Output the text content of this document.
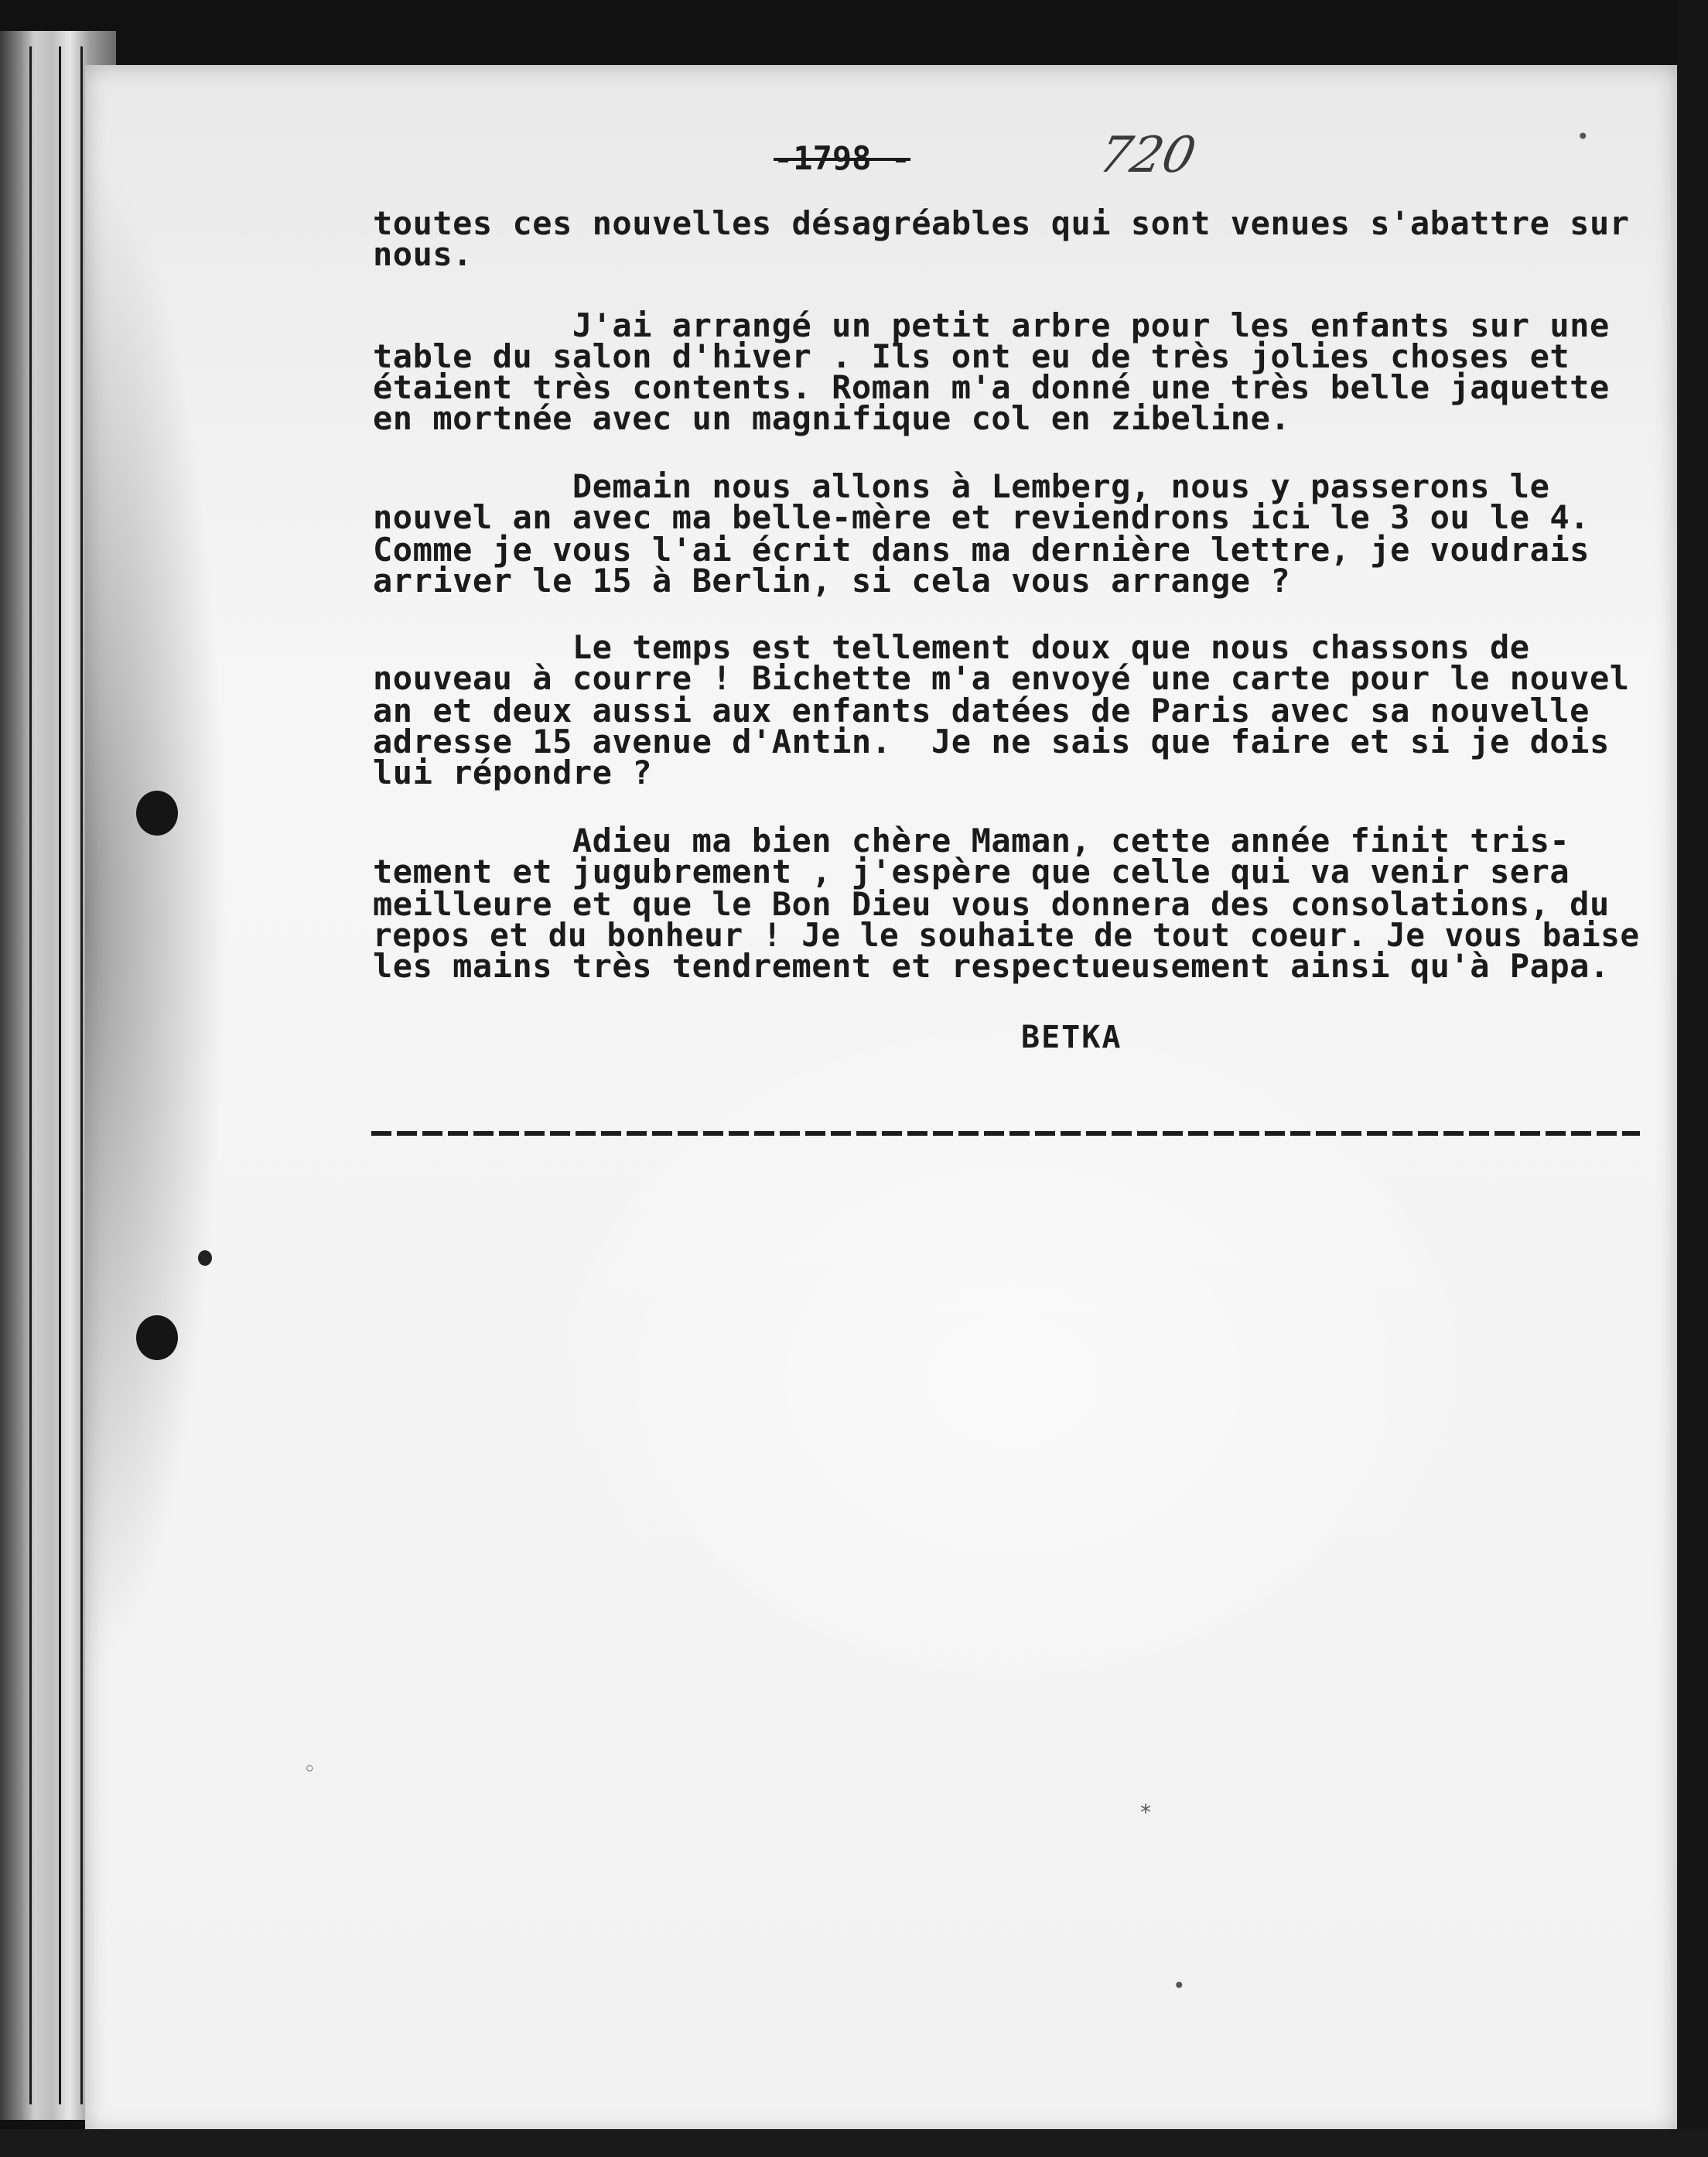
•
◦
*
•
-1798 -	720
toutes ces nouvelles désagréables qui sont venues s'abattre sur
nous.
J'ai arrangé un petit arbre pour les enfants sur une
table du salon d'hiver . Ils ont eu de très jolies choses et
étaient très contents. Roman m'a donné une très belle jaquette
en mortnée avec un magnifique col en zibeline.
Demain nous allons à Lemberg, nous y passerons le
nouvel an avec ma belle-mère et reviendrons ici le 3 ou le 4.
Comme je vous l'ai écrit dans ma dernière lettre, je voudrais
arriver le 15 à Berlin, si cela vous arrange ?
Le temps est tellement doux que nous chassons de
nouveau à courre ! Bichette m'a envoyé une carte pour le nouvel
an et deux aussi aux enfants datées de Paris avec sa nouvelle
adresse 15 avenue d'Antin.  Je ne sais que faire et si je dois
lui répondre ?
Adieu ma bien chère Maman, cette année finit tris-
tement et jugubrement , j'espère que celle qui va venir sera
meilleure et que le Bon Dieu vous donnera des consolations, du
repos et du bonheur ! Je le souhaite de tout coeur. Je vous baise
les mains très tendrement et respectueusement ainsi qu'à Papa.
BETKA
